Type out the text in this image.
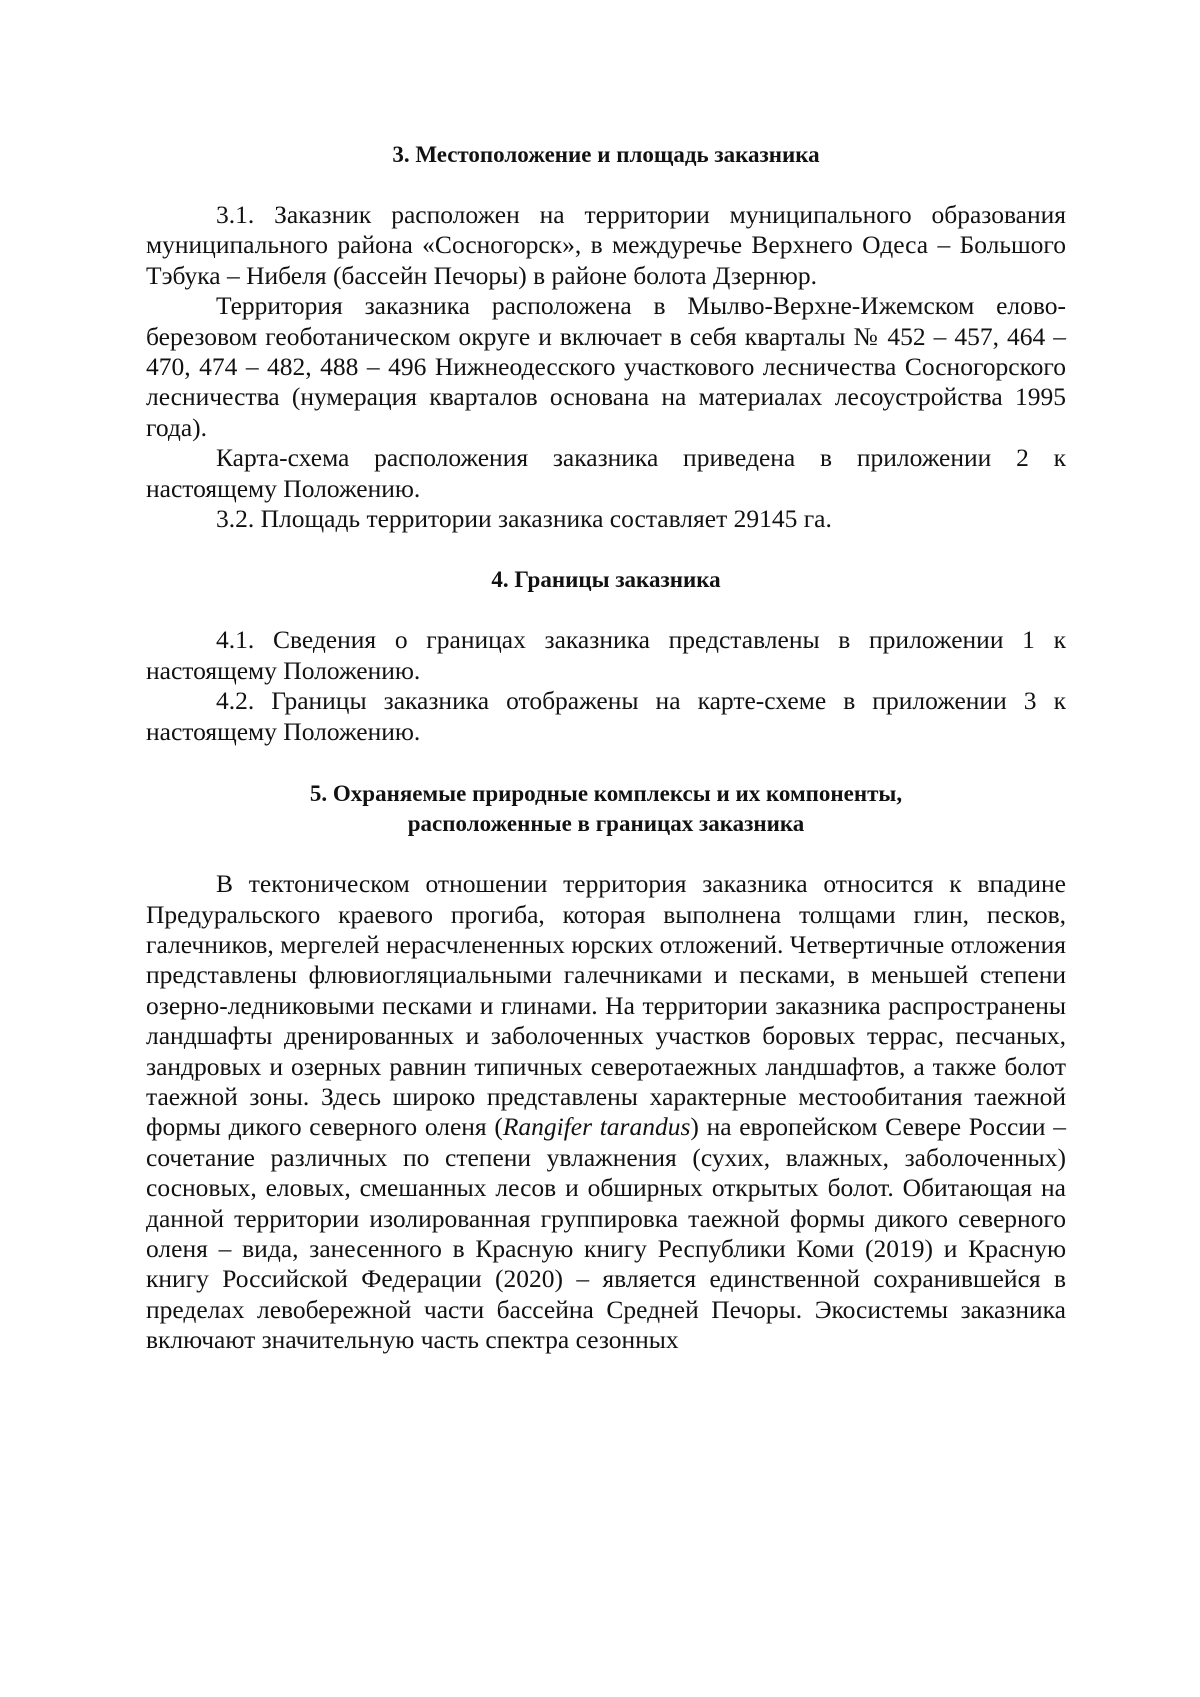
3. Местоположение и площадь заказника

3.1. Заказник расположен на территории муниципального образования муниципального района «Сосногорск», в междуречье Верхнего Одеса – Большого Тэбука – Нибеля (бассейн Печоры) в районе болота Дзернюр.

Территория заказника расположена в Мылво-Верхне-Ижемском елово-березовом геоботаническом округе и включает в себя кварталы № 452 – 457, 464 – 470, 474 – 482, 488 – 496 Нижнеодесского участкового лесничества Сосногорского лесничества (нумерация кварталов основана на материалах лесоустройства 1995 года).

Карта-схема расположения заказника приведена в приложении 2 к настоящему Положению.

3.2. Площадь территории заказника составляет 29145 га.

4. Границы заказника

4.1. Сведения о границах заказника представлены в приложении 1 к настоящему Положению.

4.2. Границы заказника отображены на карте-схеме в приложении 3 к настоящему Положению.

5. Охраняемые природные комплексы и их компоненты,
расположенные в границах заказника

В тектоническом отношении территория заказника относится к впадине Предуральского краевого прогиба, которая выполнена толщами глин, песков, галечников, мергелей нерасчлененных юрских отложений. Четвертичные отложения представлены флювиогляциальными галечниками и песками, в меньшей степени озерно-ледниковыми песками и глинами. На территории заказника распространены ландшафты дренированных и заболоченных участков боровых террас, песчаных, зандровых и озерных равнин типичных северотаежных ландшафтов, а также болот таежной зоны. Здесь широко представлены характерные местообитания таежной формы дикого северного оленя (Rangifer tarandus) на европейском Севере России – сочетание различных по степени увлажнения (сухих, влажных, заболоченных) сосновых, еловых, смешанных лесов и обширных открытых болот. Обитающая на данной территории изолированная группировка таежной формы дикого северного оленя – вида, занесенного в Красную книгу Республики Коми (2019) и Красную книгу Российской Федерации (2020) – является единственной сохранившейся в пределах левобережной части бассейна Средней Печоры. Экосистемы заказника включают значительную часть спектра сезонных
